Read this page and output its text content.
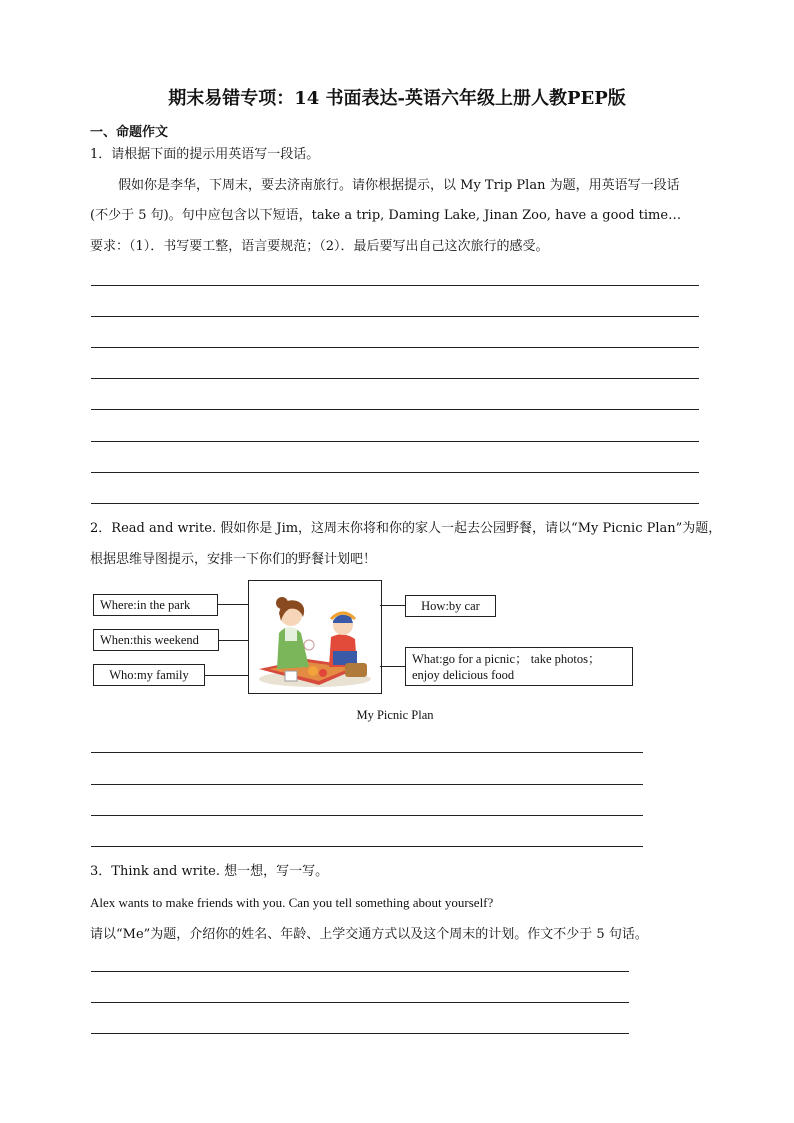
期末易错专项：14 书面表达-英语六年级上册人教PEP版
一、命题作文
1．请根据下面的提示用英语写一段话。
假如你是李华，下周末，要去济南旅行。请你根据提示，以 My Trip Plan 为题，用英语写一段话
(不少于 5 句)。句中应包含以下短语，take a trip, Daming Lake, Jinan Zoo, have a good time…
要求：（1）．书写要工整，语言要规范；（2）．最后要写出自己这次旅行的感受。
2．Read and write. 假如你是 Jim，这周末你将和你的家人一起去公园野餐，请以“My Picnic Plan”为题，
根据思维导图提示，安排一下你们的野餐计划吧！
Where:in the park
When:this weekend
Who:my family
How:by car
What:go for a picnic； take photos；
enjoy delicious food
My Picnic Plan
3．Think and write. 想一想，写一写。
Alex wants to make friends with you. Can you tell something about yourself?
请以“Me”为题，介绍你的姓名、年龄、上学交通方式以及这个周末的计划。作文不少于 5 句话。
